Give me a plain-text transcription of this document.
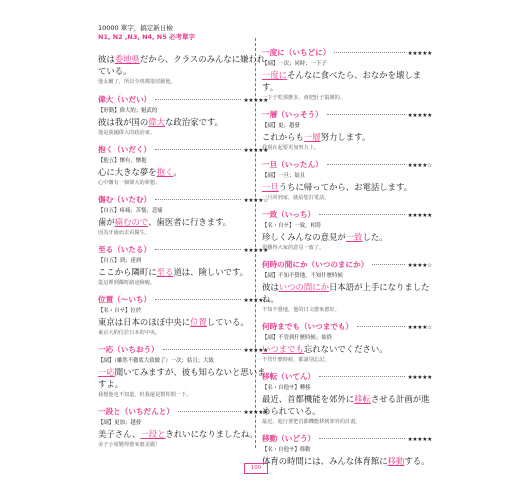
10000 單字，搞定新日檢
N1, N2 ,N3, N4, N5 必考單字
彼は委地県だから、クラスのみんなに嫌われている。
他太嫩了，所以全班都很討厭他。
偉大（いだい）	★★★★★
【形動】偉大的；魁武的
彼は我が国の偉大な政治家です。
他是我國偉大的政治家。
抱く（いだく）	★★★★★
【他五】懷有，懷抱
心に大きな夢を抱く。
心中懷有一個偉大的夢想。
傷む（いたむ）	★★★★☆
【自五】疼痛；苦惱；悲痛
歯が痛むので、歯医者に行きます。
因為牙齒而去看醫生。
至る（いたる）	★★★★★
【自五】到；達到
ここから隣町に至る道は、険しいです。
從這裡到鄰町路途險峻。
位置（〜いち）	★★★★☆
【名・自サ】位於
東京は日本のほぼ中央に位置している。
東京大約位於日本的中央。
一応（いちおう）	★★★★★
【副】（雖然不徹底大致做了）一次；姑且；大致
一応聞いてみますが、彼も知らないと思いますよ。
我想他也不知道，但我還是幫你問一下。
一段と（いちだんと）	★★★★★
【副】更加；越發
美子さん、一段ときれいになりましたね。
美子小姐變得愈來愈美麗！
一度に（いちどに）	★★★★★
【副】一次；同時；一下子
一度にそんなに食べたら、おなかを壊します。
一下子吃那麼多，會把肚子搞壞的。
一層（いっそう）	★★★★★
【副】更；越發
これからも一層努力します。
我現在起要更加努力上。
一旦（いったん）	★★★★☆
【副】一旦；姑且
一旦うちに帰ってから、お電話します。
一旦回到家，就給您打電話。
一致（いっち）	★★★★★
【名・自サ】一致，相符
珍しくみんなの意見が一致した。
很難得大家的意見一致了。
何時の間にか（いつのまにか）	★★★★☆
【副】不知不覺地，不知什麼時候
彼はいつの間にか日本語が上手になりましたね。
不知不覺地，他的日文愈來愈好。
何時までも（いつまでも）	★★★★☆
【副】不管到什麼時候；始終
いつまでも忘れないでください。
不管什麼時候，都請別忘記。
移転（いてん）	★★★★★
【名・自他サ】轉移
最近、首都機能を郊外に移転させる計画が進められている。
最近，進行著把首都機能移到郊外的計畫。
移動（いどう）	★★★★★
【名・自他サ】移動
体育の時間には、みんな体育館に移動する。
100
